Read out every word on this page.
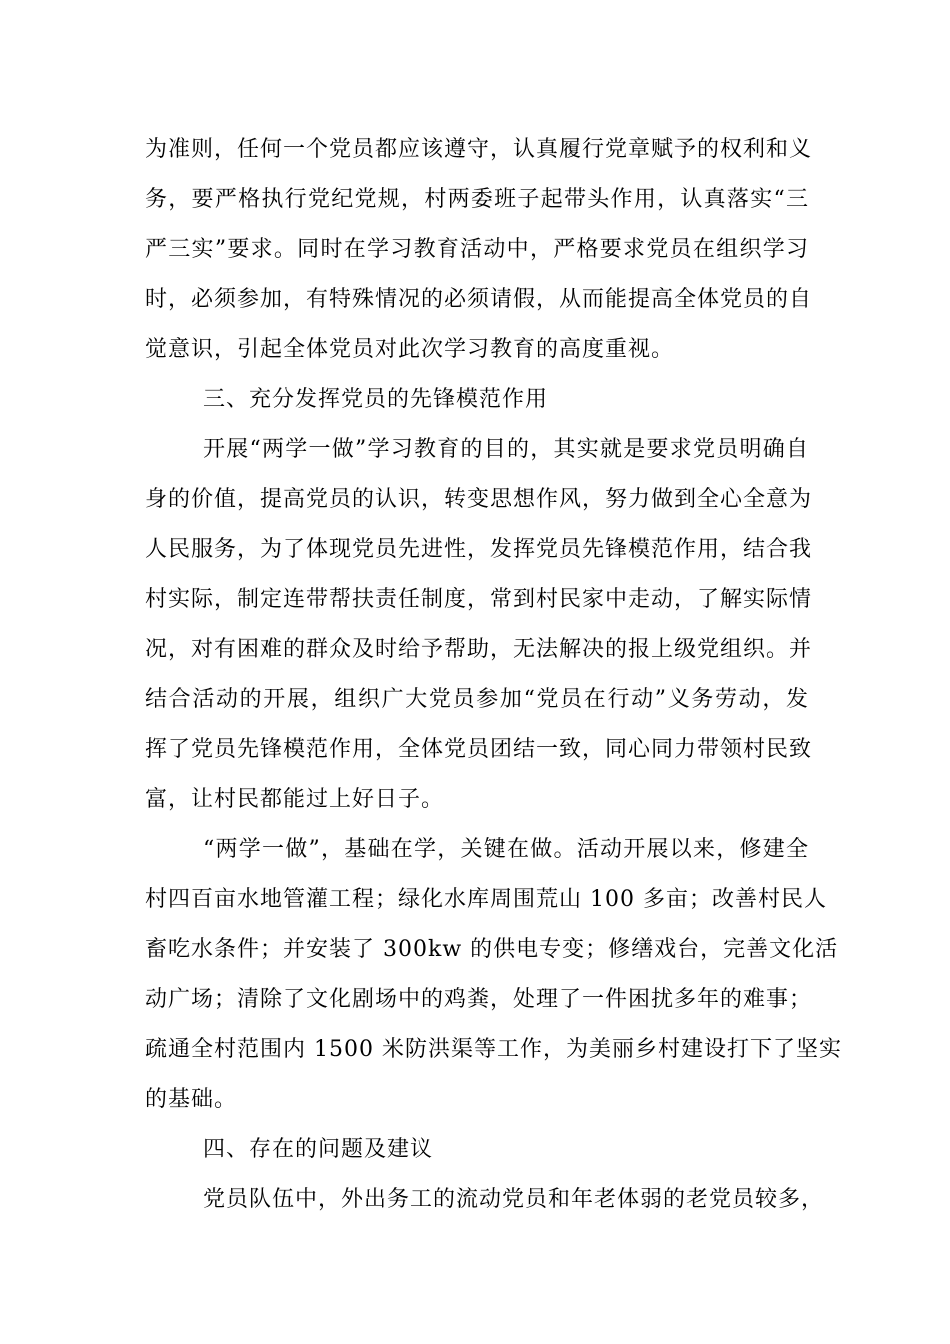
为准则，任何一个党员都应该遵守，认真履行党章赋予的权利和义
务，要严格执行党纪党规，村两委班子起带头作用，认真落实“三
严三实”要求。同时在学习教育活动中，严格要求党员在组织学习
时，必须参加，有特殊情况的必须请假，从而能提高全体党员的自
觉意识，引起全体党员对此次学习教育的高度重视。
三、充分发挥党员的先锋模范作用
开展“两学一做”学习教育的目的，其实就是要求党员明确自
身的价值，提高党员的认识，转变思想作风，努力做到全心全意为
人民服务，为了体现党员先进性，发挥党员先锋模范作用，结合我
村实际，制定连带帮扶责任制度，常到村民家中走动，了解实际情
况，对有困难的群众及时给予帮助，无法解决的报上级党组织。并
结合活动的开展，组织广大党员参加“党员在行动”义务劳动，发
挥了党员先锋模范作用，全体党员团结一致，同心同力带领村民致
富，让村民都能过上好日子。
“两学一做”，基础在学，关键在做。活动开展以来，修建全
村四百亩水地管灌工程；绿化水库周围荒山 100 多亩；改善村民人
畜吃水条件；并安装了 300kw 的供电专变；修缮戏台，完善文化活
动广场；清除了文化剧场中的鸡粪，处理了一件困扰多年的难事；
疏通全村范围内 1500 米防洪渠等工作，为美丽乡村建设打下了坚实
的基础。
四、存在的问题及建议
党员队伍中，外出务工的流动党员和年老体弱的老党员较多，
